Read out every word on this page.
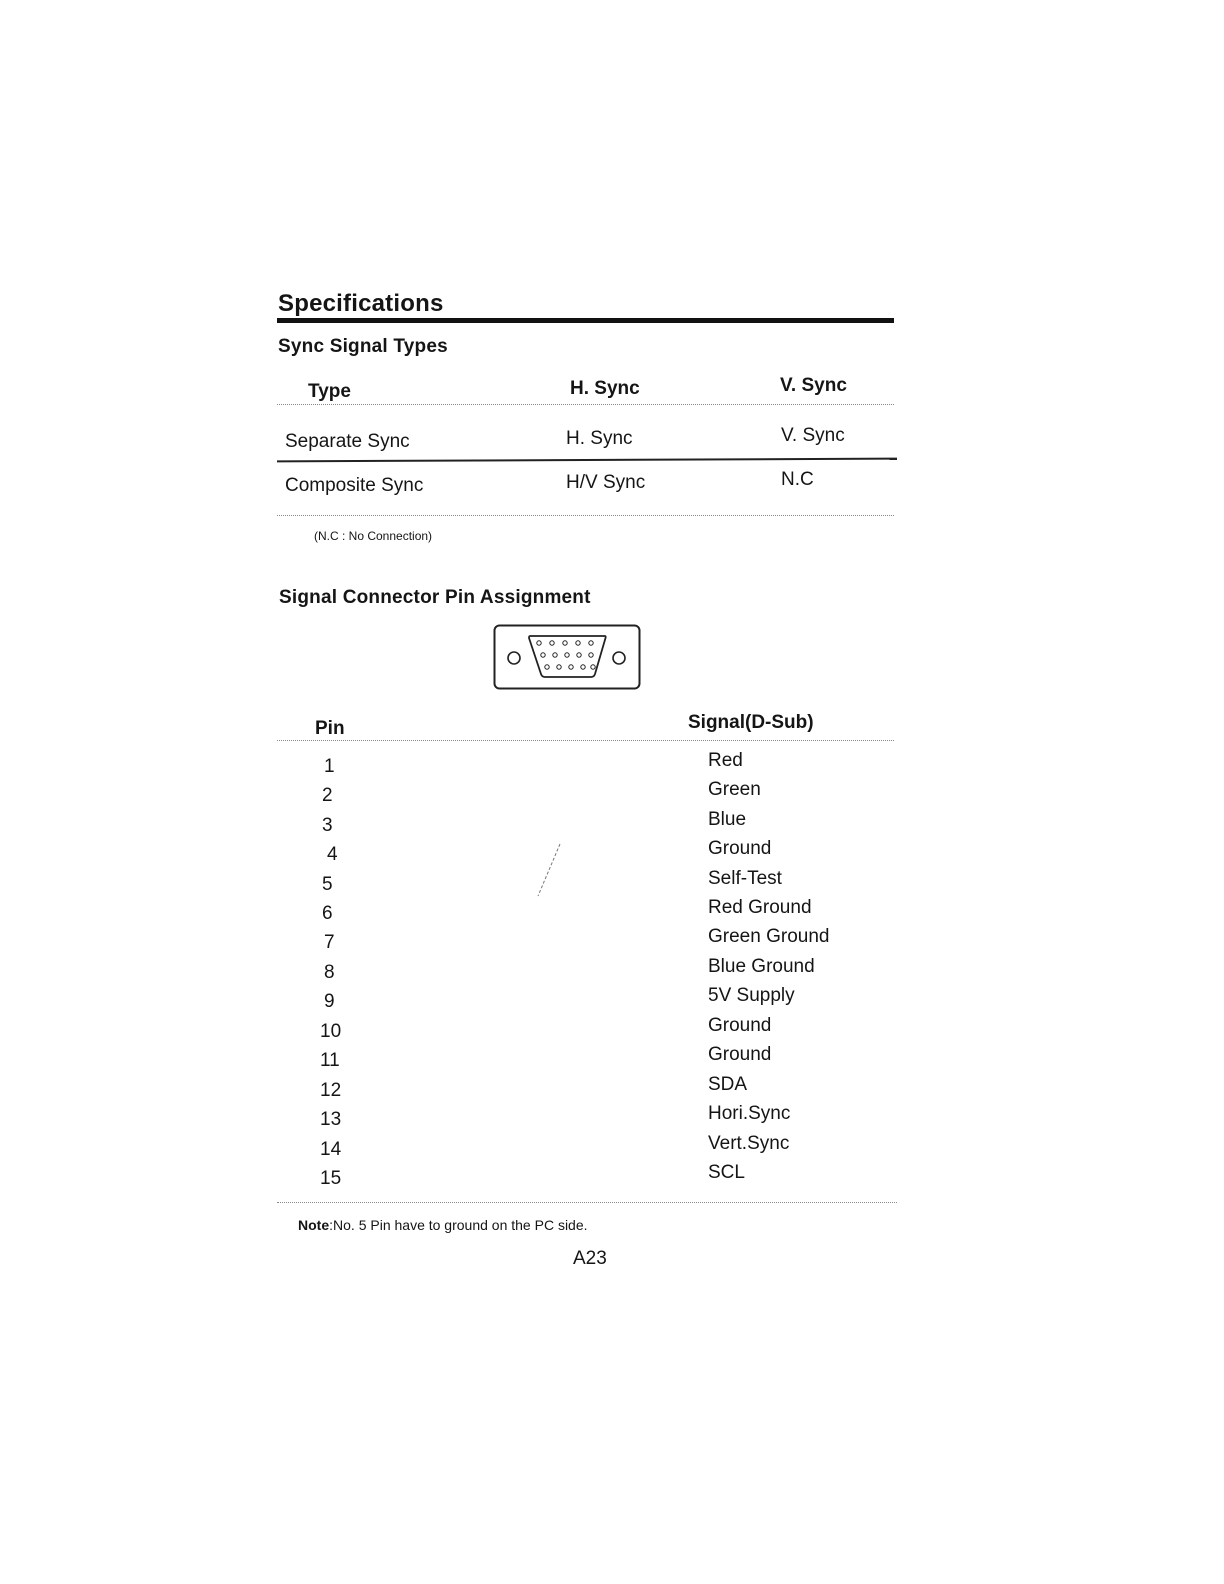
Specifications
Sync Signal Types
Type	H. Sync	V. Sync
Separate Sync	H. Sync	V. Sync
Composite Sync	H/V Sync	N.C
(N.C : No Connection)
Signal Connector Pin Assignment
Pin	Signal(D-Sub)
1	Red
2	Green
3	Blue
4	Ground
5	Self-Test
6	Red Ground
7	Green Ground
8	Blue Ground
9	5V Supply
10	Ground
11	Ground
12	SDA
13	Hori.Sync
14	Vert.Sync
15	SCL
Note:No. 5 Pin have to ground on the PC side.
A23
